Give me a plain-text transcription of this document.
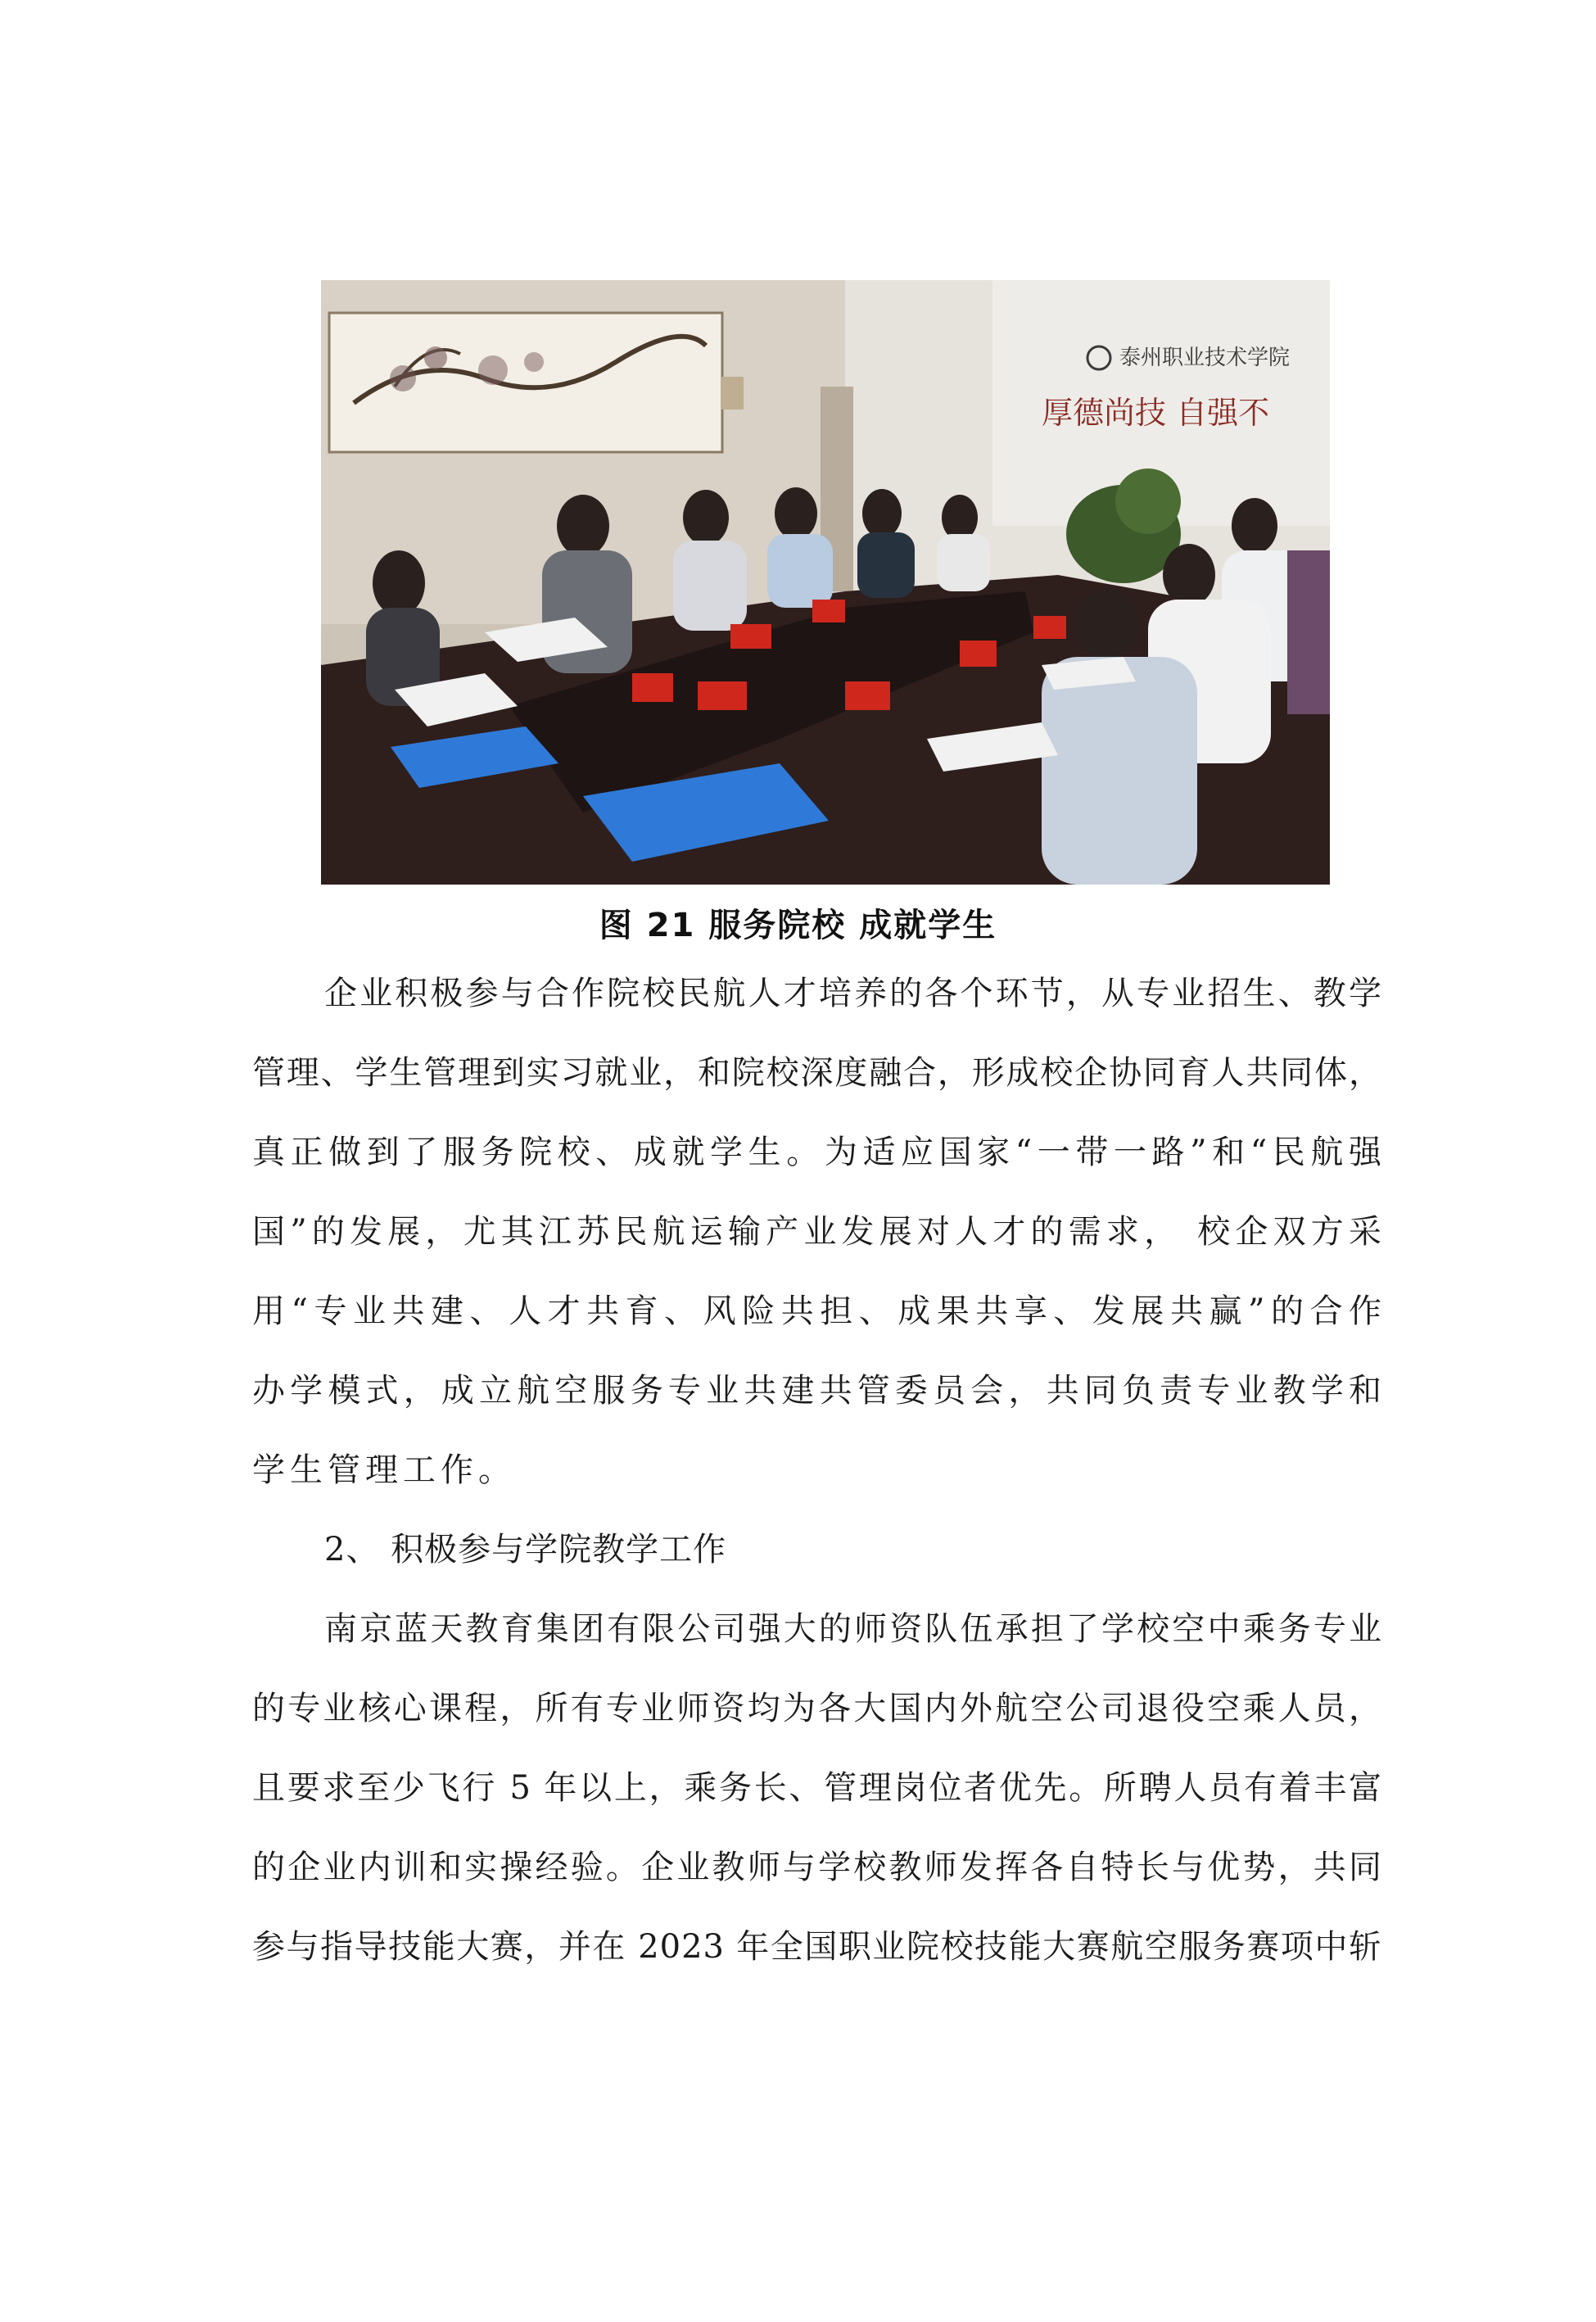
泰州职业技术学院
厚德尚技 自强不
图 21 服务院校 成就学生
企业积极参与合作院校民航人才培养的各个环节，从专业招生、教学
管理、学生管理到实习就业，和院校深度融合，形成校企协同育人共同体，
真正做到了服务院校、成就学生。为适应国家“一带一路”和“民航强
国”的发展，尤其江苏民航运输产业发展对人才的需求， 校企双方采
用“专业共建、人才共育、风险共担、成果共享、发展共赢”的合作
办学模式，成立航空服务专业共建共管委员会，共同负责专业教学和
学生管理工作。
2、 积极参与学院教学工作
南京蓝天教育集团有限公司强大的师资队伍承担了学校空中乘务专业
的专业核心课程，所有专业师资均为各大国内外航空公司退役空乘人员，
且要求至少飞行 5 年以上，乘务长、管理岗位者优先。所聘人员有着丰富
的企业内训和实操经验。企业教师与学校教师发挥各自特长与优势，共同
参与指导技能大赛，并在 2023 年全国职业院校技能大赛航空服务赛项中斩
